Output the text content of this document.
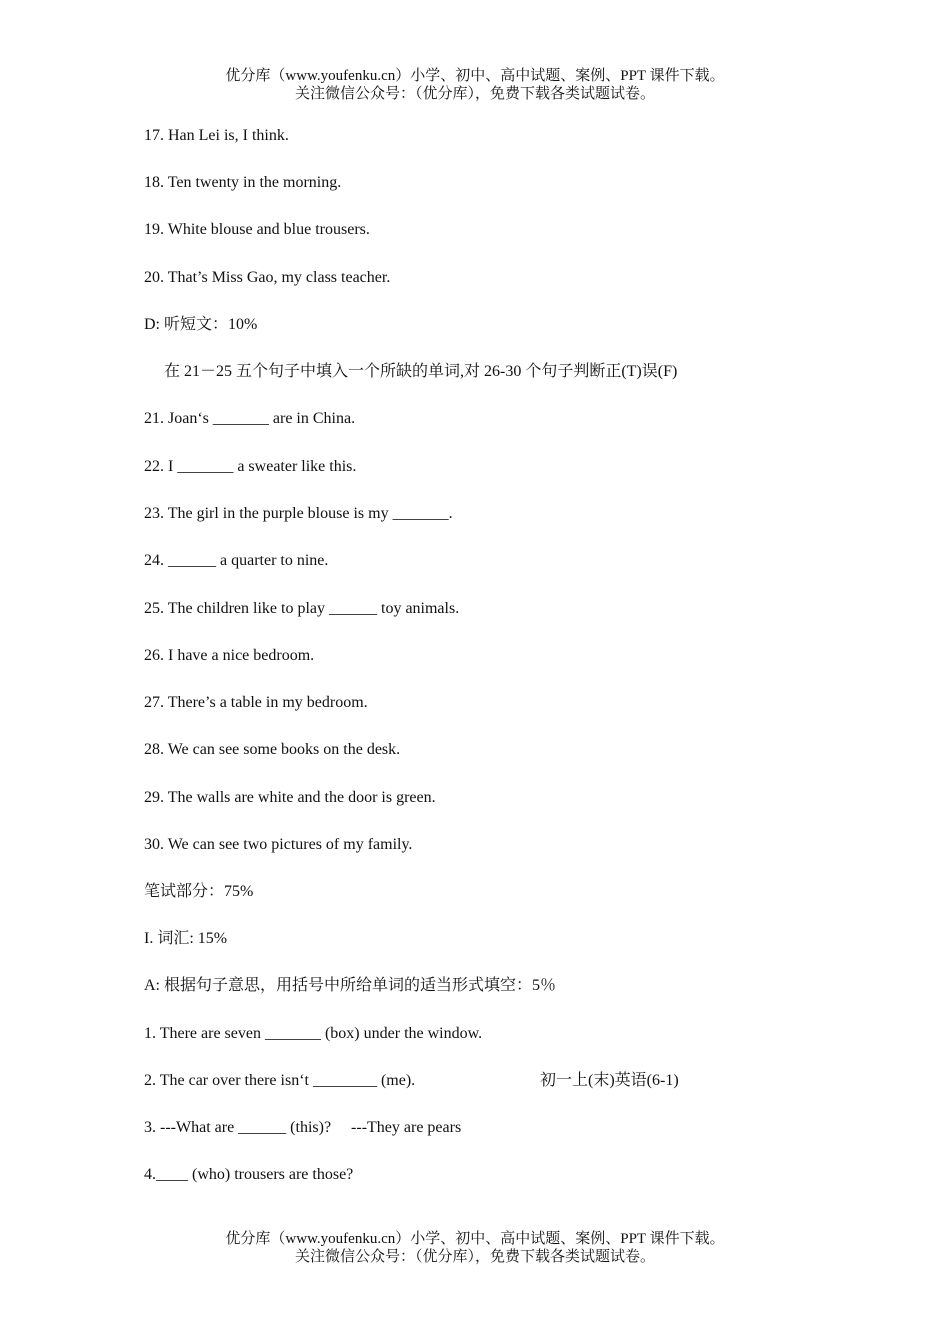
优分库（www.youfenku.cn）小学、初中、高中试题、案例、PPT 课件下载。
关注微信公众号：（优分库），免费下载各类试题试卷。
17. Han Lei is, I think.
18. Ten twenty in the morning.
19. White blouse and blue trousers.
20. That’s Miss Gao, my class teacher.
D: 听短文：10%
在 21－25 五个句子中填入一个所缺的单词,对 26-30 个句子判断正(T)误(F)
21. Joan‘s _______ are in China.
22. I _______ a sweater like this.
23. The girl in the purple blouse is my _______.
24. ______ a quarter to nine.
25. The children like to play ______ toy animals.
26. I have a nice bedroom.
27. There’s a table in my bedroom.
28. We can see some books on the desk.
29. The walls are white and the door is green.
30. We can see two pictures of my family.
笔试部分：75%
I. 词汇: 15%
A: 根据句子意思，用括号中所给单词的适当形式填空：5％
1. There are seven _______ (box) under the window.
2. The car over there isn‘t ________ (me).	初一上(末)英语(6-1)
3. ---What are ______ (this)?     ---They are pears
4.____ (who) trousers are those?
优分库（www.youfenku.cn）小学、初中、高中试题、案例、PPT 课件下载。
关注微信公众号：（优分库），免费下载各类试题试卷。
